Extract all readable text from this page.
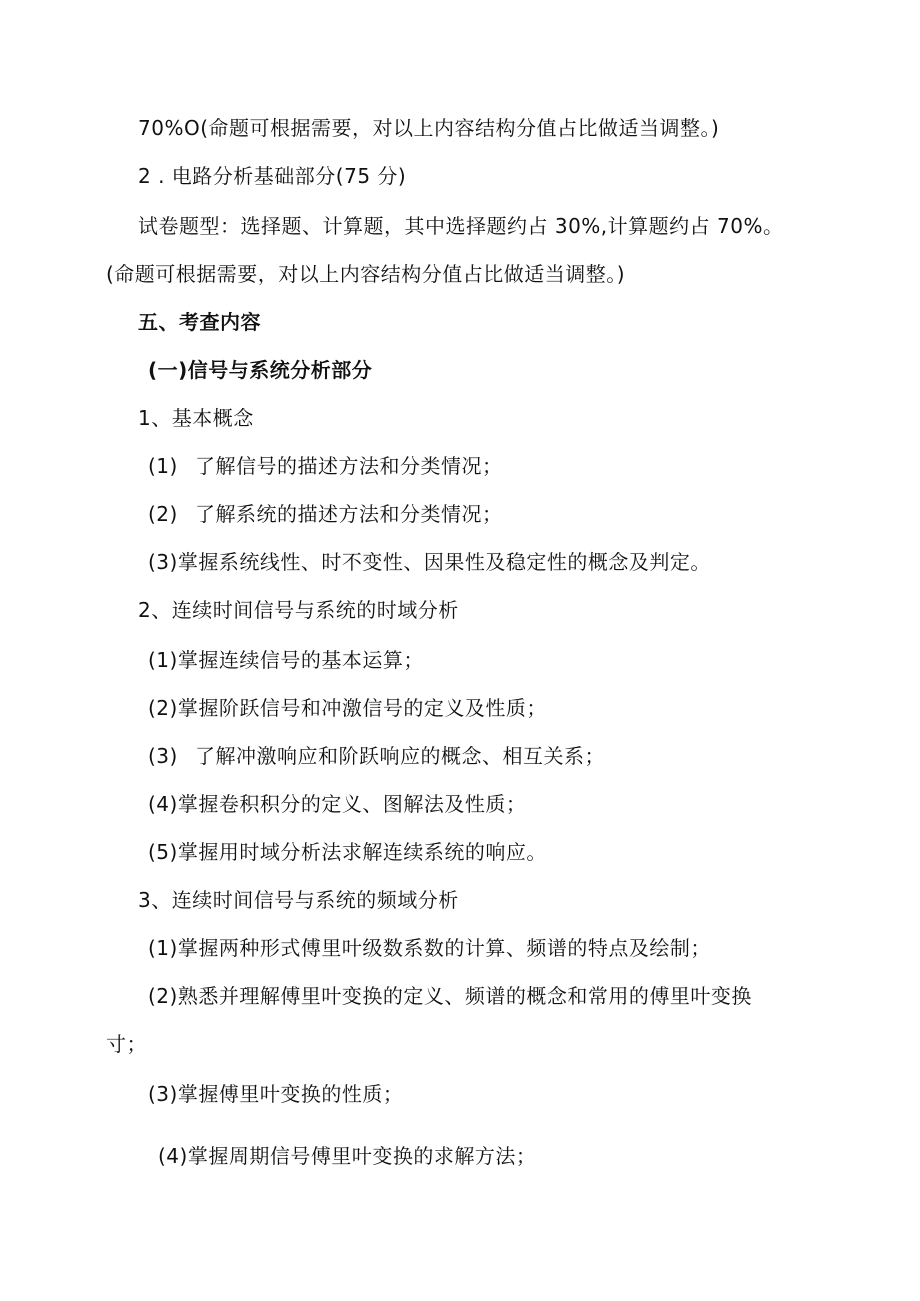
70%O(命题可根据需要，对以上内容结构分值占比做适当调整。)
2 . 电路分析基础部分(75 分)
试卷题型：选择题、计算题，其中选择题约占 30%,计算题约占 70%。
(命题可根据需要，对以上内容结构分值占比做适当调整。)
五、考查内容
(一)信号与系统分析部分
1、基本概念
(1) 了解信号的描述方法和分类情况；
(2) 了解系统的描述方法和分类情况；
(3)掌握系统线性、时不变性、因果性及稳定性的概念及判定。
2、连续时间信号与系统的时域分析
(1)掌握连续信号的基本运算；
(2)掌握阶跃信号和冲激信号的定义及性质；
(3) 了解冲激响应和阶跃响应的概念、相互关系；
(4)掌握卷积积分的定义、图解法及性质；
(5)掌握用时域分析法求解连续系统的响应。
3、连续时间信号与系统的频域分析
(1)掌握两种形式傅里叶级数系数的计算、频谱的特点及绘制；
(2)熟悉并理解傅里叶变换的定义、频谱的概念和常用的傅里叶变换
寸；
(3)掌握傅里叶变换的性质；
(4)掌握周期信号傅里叶变换的求解方法；
